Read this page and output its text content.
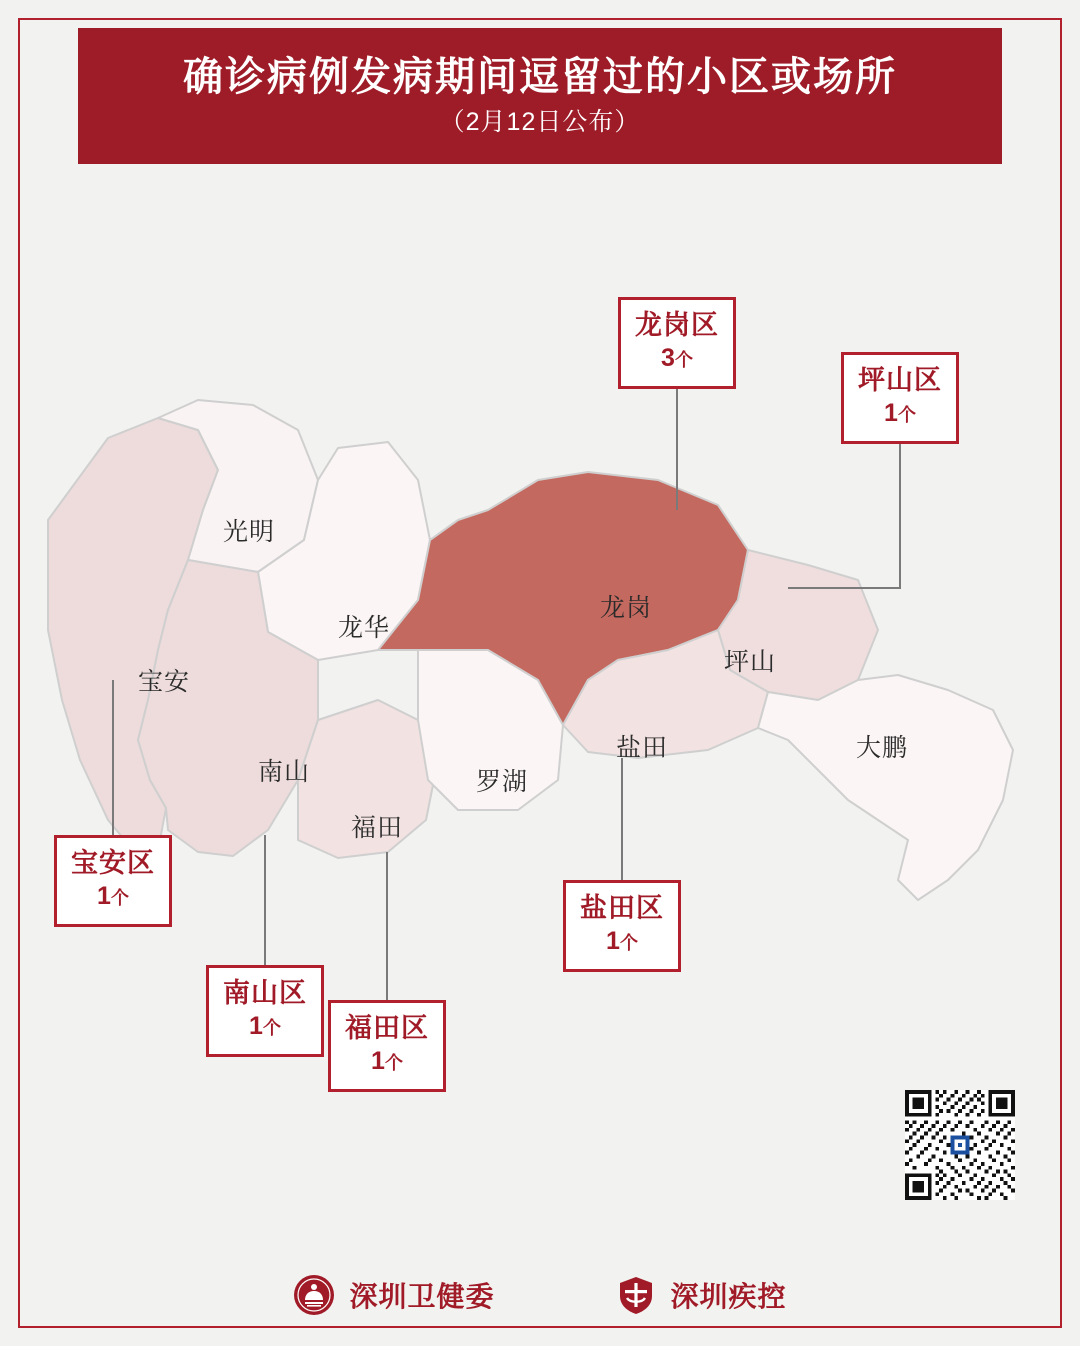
确诊病例发病期间逗留过的小区或场所
（2月12日公布）
光明
宝安
龙华
南山
福田
罗湖
龙岗
坪山
盐田	大鹏
龙岗区
3个
坪山区
1个
宝安区
1个
南山区
1个	福田区
1个
盐田区
1个
深圳卫健委	深圳疾控
